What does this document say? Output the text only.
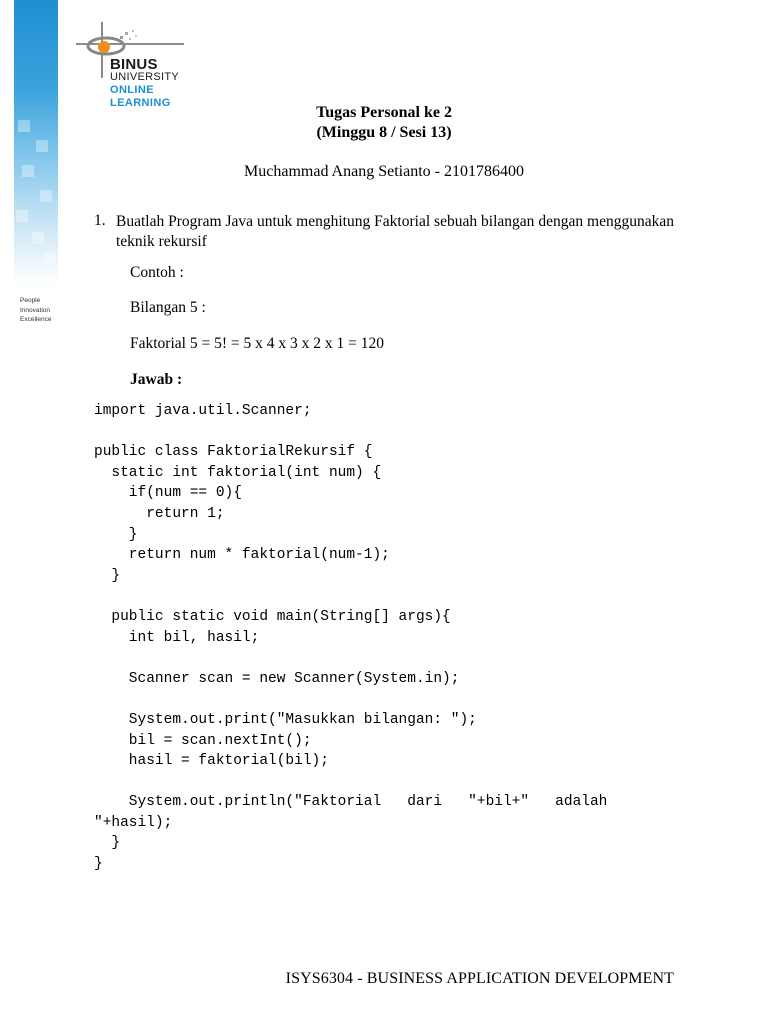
People
Innovation
Excellence
BINUS
UNIVERSITY
ONLINE
LEARNING
Tugas Personal ke 2
(Minggu 8 / Sesi 13)
Muchammad Anang Setianto - 2101786400
1. Buatlah Program Java untuk menghitung Faktorial sebuah bilangan dengan menggunakan teknik rekursif
Contoh :
Bilangan 5 :
Faktorial 5 = 5! = 5 x 4 x 3 x 2 x 1 = 120
Jawab :
import java.util.Scanner;
public class FaktorialRekursif {
static int faktorial(int num) {
if(num == 0){
return 1;
}
return num * faktorial(num-1);
}
public static void main(String[] args){
int bil, hasil;
Scanner scan = new Scanner(System.in);
System.out.print("Masukkan bilangan: ");
bil = scan.nextInt();
hasil = faktorial(bil);
System.out.println("Faktorial   dari   "+bil+"   adalah
"+hasil);
}
}
ISYS6304 - BUSINESS APPLICATION DEVELOPMENT
